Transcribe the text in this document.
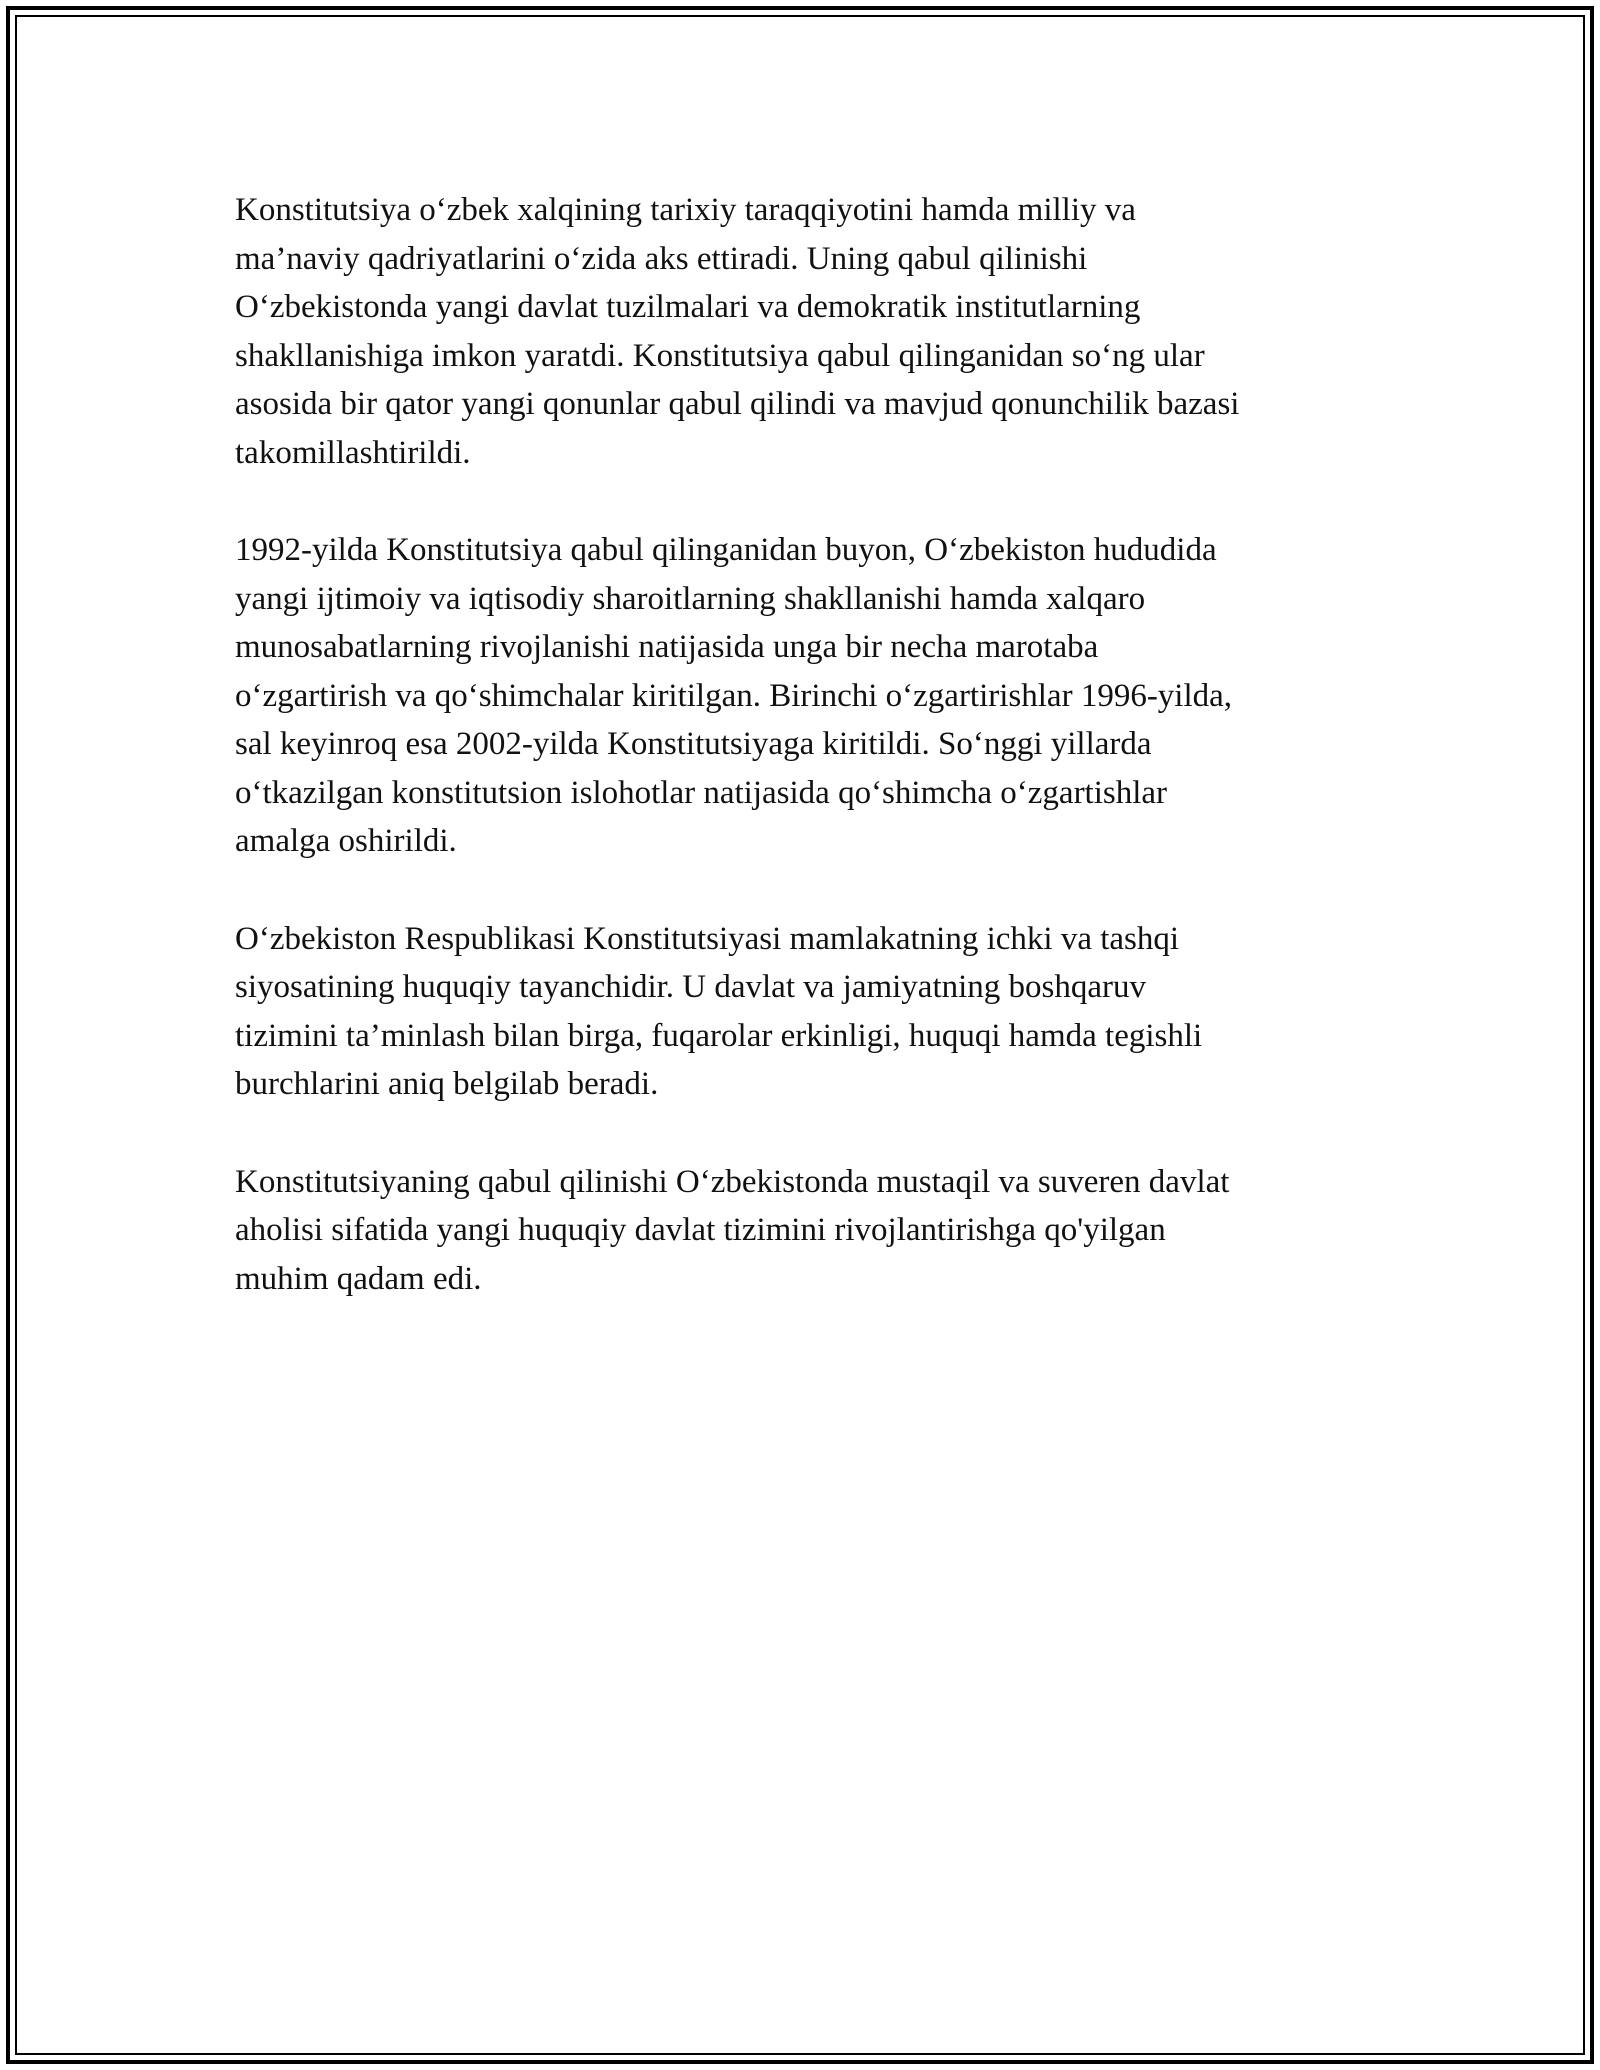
Konstitutsiya o‘zbek xalqining tarixiy taraqqiyotini hamda milliy va
ma’naviy qadriyatlarini o‘zida aks ettiradi. Uning qabul qilinishi
O‘zbekistonda yangi davlat tuzilmalari va demokratik institutlarning
shakllanishiga imkon yaratdi. Konstitutsiya qabul qilinganidan so‘ng ular
asosida bir qator yangi qonunlar qabul qilindi va mavjud qonunchilik bazasi
takomillashtirildi.

1992-yilda Konstitutsiya qabul qilinganidan buyon, O‘zbekiston hududida
yangi ijtimoiy va iqtisodiy sharoitlarning shakllanishi hamda xalqaro
munosabatlarning rivojlanishi natijasida unga bir necha marotaba
o‘zgartirish va qo‘shimchalar kiritilgan. Birinchi o‘zgartirishlar 1996-yilda,
sal keyinroq esa 2002-yilda Konstitutsiyaga kiritildi. So‘nggi yillarda
o‘tkazilgan konstitutsion islohotlar natijasida qo‘shimcha o‘zgartishlar
amalga oshirildi.

O‘zbekiston Respublikasi Konstitutsiyasi mamlakatning ichki va tashqi
siyosatining huquqiy tayanchidir. U davlat va jamiyatning boshqaruv
tizimini ta’minlash bilan birga, fuqarolar erkinligi, huquqi hamda tegishli
burchlarini aniq belgilab beradi.

Konstitutsiyaning qabul qilinishi O‘zbekistonda mustaqil va suveren davlat
aholisi sifatida yangi huquqiy davlat tizimini rivojlantirishga qo'yilgan
muhim qadam edi.
